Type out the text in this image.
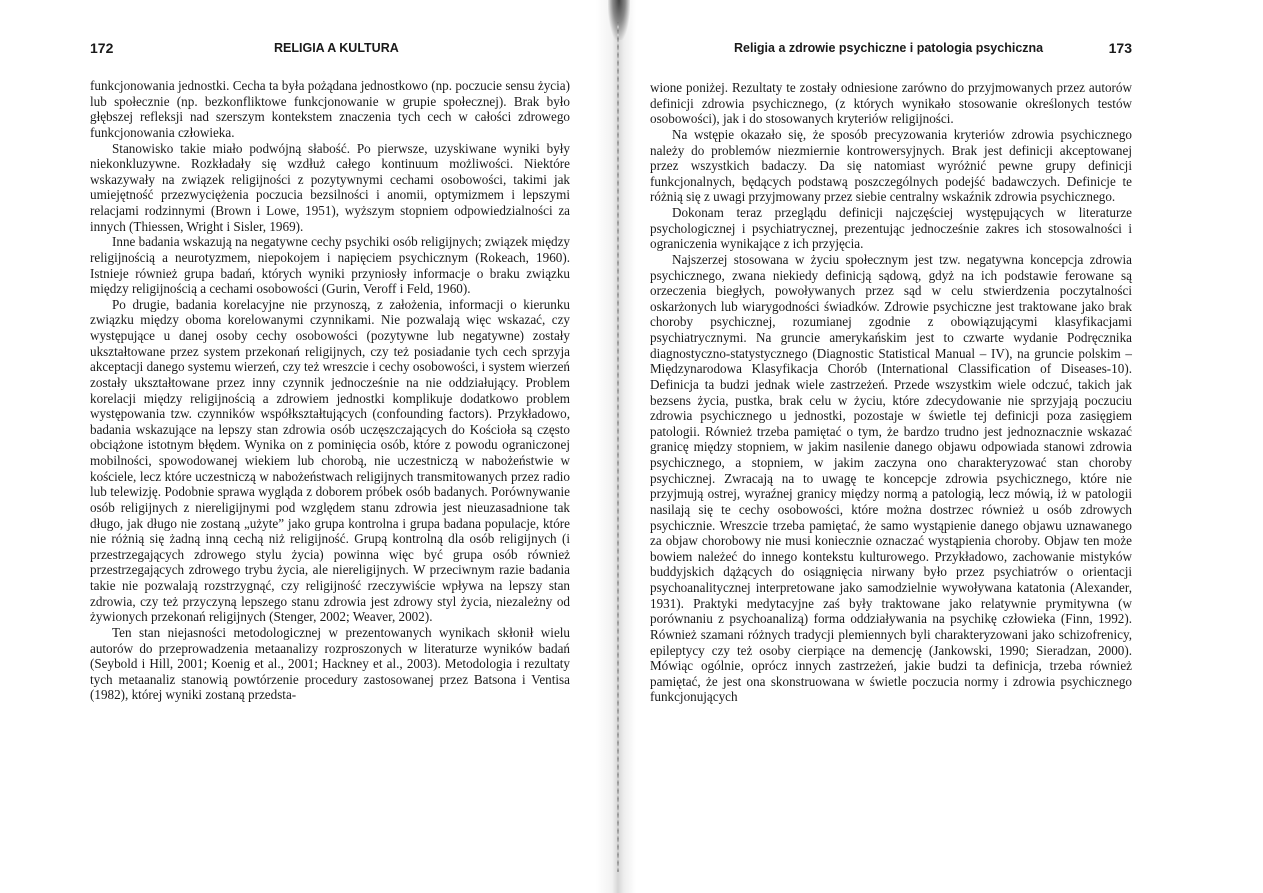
172	RELIGIA A KULTURA

funkcjonowania jednostki. Cecha ta była pożądana jednostkowo (np. poczucie sensu życia) lub społecznie (np. bezkonfliktowe funkcjonowanie w grupie społecznej). Brak było głębszej refleksji nad szerszym kontekstem znaczenia tych cech w całości zdrowego funkcjonowania człowieka.

Stanowisko takie miało podwójną słabość. Po pierwsze, uzyskiwane wyniki były niekonkluzywne. Rozkładały się wzdłuż całego kontinuum możliwości. Niektóre wskazywały na związek religijności z pozytywnymi cechami osobowości, takimi jak umiejętność przezwyciężenia poczucia bezsilności i anomii, optymizmem i lepszymi relacjami rodzinnymi (Brown i Lowe, 1951), wyższym stopniem odpowiedzialności za innych (Thiessen, Wright i Sisler, 1969).

Inne badania wskazują na negatywne cechy psychiki osób religijnych; związek między religijnością a neurotyzmem, niepokojem i napięciem psychicznym (Rokeach, 1960). Istnieje również grupa badań, których wyniki przyniosły informacje o braku związku między religijnością a cechami osobowości (Gurin, Veroff i Feld, 1960).

Po drugie, badania korelacyjne nie przynoszą, z założenia, informacji o kierunku związku między oboma korelowanymi czynnikami. Nie pozwalają więc wskazać, czy występujące u danej osoby cechy osobowości (pozytywne lub negatywne) zostały ukształtowane przez system przekonań religijnych, czy też posiadanie tych cech sprzyja akceptacji danego systemu wierzeń, czy też wreszcie i cechy osobowości, i system wierzeń zostały ukształtowane przez inny czynnik jednocześnie na nie oddziałujący. Problem korelacji między religijnością a zdrowiem jednostki komplikuje dodatkowo problem występowania tzw. czynników współkształtujących (confounding factors). Przykładowo, badania wskazujące na lepszy stan zdrowia osób uczęszczających do Kościoła są często obciążone istotnym błędem. Wynika on z pominięcia osób, które z powodu ograniczonej mobilności, spowodowanej wiekiem lub chorobą, nie uczestniczą w nabożeństwie w kościele, lecz które uczestniczą w nabożeństwach religijnych transmitowanych przez radio lub telewizję. Podobnie sprawa wygląda z doborem próbek osób badanych. Porównywanie osób religijnych z niereligijnymi pod względem stanu zdrowia jest nieuzasadnione tak długo, jak długo nie zostaną „użyte” jako grupa kontrolna i grupa badana populacje, które nie różnią się żadną inną cechą niż religijność. Grupą kontrolną dla osób religijnych (i przestrzegających zdrowego stylu życia) powinna więc być grupa osób również przestrzegających zdrowego trybu życia, ale niereligijnych. W przeciwnym razie badania takie nie pozwalają rozstrzygnąć, czy religijność rzeczywiście wpływa na lepszy stan zdrowia, czy też przyczyną lepszego stanu zdrowia jest zdrowy styl życia, niezależny od żywionych przekonań religijnych (Stenger, 2002; Weaver, 2002).

Ten stan niejasności metodologicznej w prezentowanych wynikach skłonił wielu autorów do przeprowadzenia metaanalizy rozproszonych w literaturze wyników badań (Seybold i Hill, 2001; Koenig et al., 2001; Hackney et al., 2003). Metodologia i rezultaty tych metaanaliz stanowią powtórzenie procedury zastosowanej przez Batsona i Ventisa (1982), której wyniki zostaną przedsta-

Religia a zdrowie psychiczne i patologia psychiczna	173

wione poniżej. Rezultaty te zostały odniesione zarówno do przyjmowanych przez autorów definicji zdrowia psychicznego, (z których wynikało stosowanie określonych testów osobowości), jak i do stosowanych kryteriów religijności.

Na wstępie okazało się, że sposób precyzowania kryteriów zdrowia psychicznego należy do problemów niezmiernie kontrowersyjnych. Brak jest definicji akceptowanej przez wszystkich badaczy. Da się natomiast wyróżnić pewne grupy definicji funkcjonalnych, będących podstawą poszczególnych podejść badawczych. Definicje te różnią się z uwagi przyjmowany przez siebie centralny wskaźnik zdrowia psychicznego.

Dokonam teraz przeglądu definicji najczęściej występujących w literaturze psychologicznej i psychiatrycznej, prezentując jednocześnie zakres ich stosowalności i ograniczenia wynikające z ich przyjęcia.

Najszerzej stosowana w życiu społecznym jest tzw. negatywna koncepcja zdrowia psychicznego, zwana niekiedy definicją sądową, gdyż na ich podstawie ferowane są orzeczenia biegłych, powoływanych przez sąd w celu stwierdzenia poczytalności oskarżonych lub wiarygodności świadków. Zdrowie psychiczne jest traktowane jako brak choroby psychicznej, rozumianej zgodnie z obowiązującymi klasyfikacjami psychiatrycznymi. Na gruncie amerykańskim jest to czwarte wydanie Podręcznika diagnostyczno-statystycznego (Diagnostic Statistical Manual – IV), na gruncie polskim – Międzynarodowa Klasyfikacja Chorób (International Classification of Diseases-10). Definicja ta budzi jednak wiele zastrzeżeń. Przede wszystkim wiele odczuć, takich jak bezsens życia, pustka, brak celu w życiu, które zdecydowanie nie sprzyjają poczuciu zdrowia psychicznego u jednostki, pozostaje w świetle tej definicji poza zasięgiem patologii. Również trzeba pamiętać o tym, że bardzo trudno jest jednoznacznie wskazać granicę między stopniem, w jakim nasilenie danego objawu odpowiada stanowi zdrowia psychicznego, a stopniem, w jakim zaczyna ono charakteryzować stan choroby psychicznej. Zwracają na to uwagę te koncepcje zdrowia psychicznego, które nie przyjmują ostrej, wyraźnej granicy między normą a patologią, lecz mówią, iż w patologii nasilają się te cechy osobowości, które można dostrzec również u osób zdrowych psychicznie. Wreszcie trzeba pamiętać, że samo wystąpienie danego objawu uznawanego za objaw chorobowy nie musi koniecznie oznaczać wystąpienia choroby. Objaw ten może bowiem należeć do innego kontekstu kulturowego. Przykładowo, zachowanie mistyków buddyjskich dążących do osiągnięcia nirwany było przez psychiatrów o orientacji psychoanalitycznej interpretowane jako samodzielnie wywoływana katatonia (Alexander, 1931). Praktyki medytacyjne zaś były traktowane jako relatywnie prymitywna (w porównaniu z psychoanalizą) forma oddziaływania na psychikę człowieka (Finn, 1992). Również szamani różnych tradycji plemiennych byli charakteryzowani jako schizofrenicy, epileptycy czy też osoby cierpiące na demencję (Jankowski, 1990; Sieradzan, 2000). Mówiąc ogólnie, oprócz innych zastrzeżeń, jakie budzi ta definicja, trzeba również pamiętać, że jest ona skonstruowana w świetle poczucia normy i zdrowia psychicznego funkcjonujących
